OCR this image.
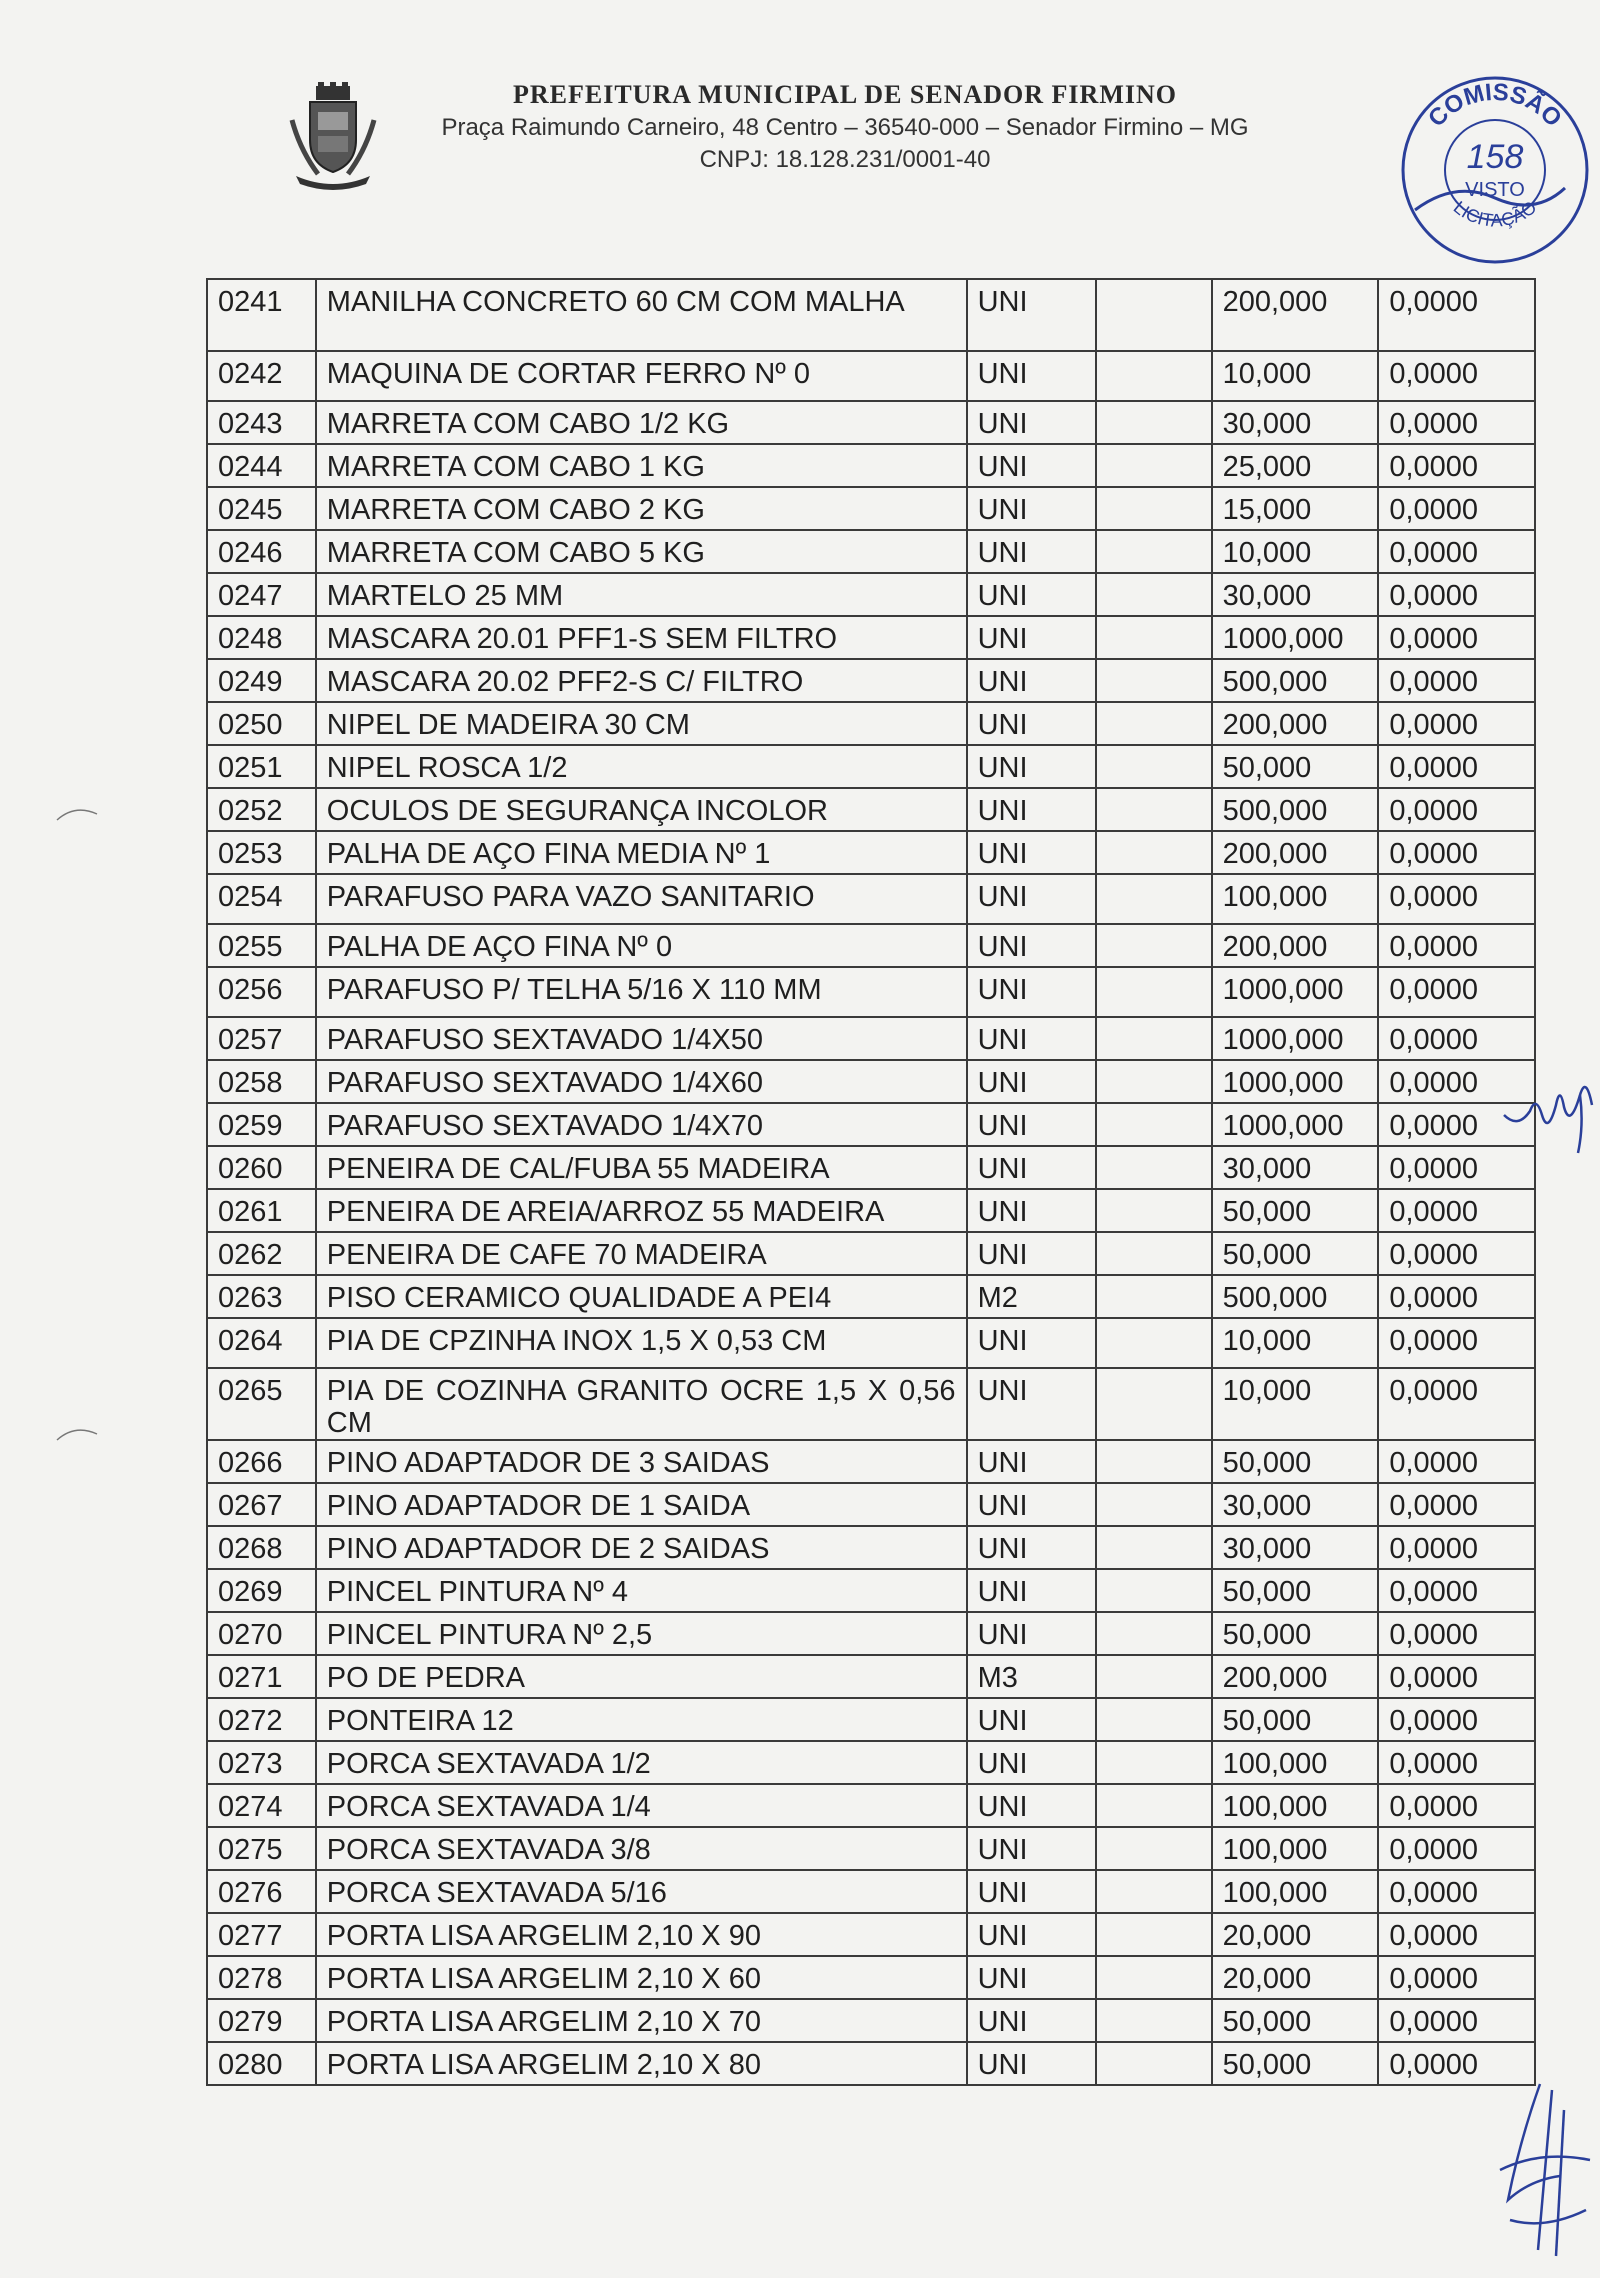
PREFEITURA MUNICIPAL DE SENADOR FIRMINO
Praça Raimundo Carneiro, 48 Centro – 36540-000 – Senador Firmino – MG
CNPJ: 18.128.231/0001-40
COMISSÃO
158
VISTO
LICITAÇÃO
0241	MANILHA CONCRETO 60 CM COM MALHA	UNI		200,000	0,0000
0242	MAQUINA DE CORTAR FERRO Nº 0	UNI		10,000	0,0000
0243	MARRETA COM CABO 1/2 KG	UNI		30,000	0,0000
0244	MARRETA COM CABO 1 KG	UNI		25,000	0,0000
0245	MARRETA COM CABO 2 KG	UNI		15,000	0,0000
0246	MARRETA COM CABO 5 KG	UNI		10,000	0,0000
0247	MARTELO 25 MM	UNI		30,000	0,0000
0248	MASCARA 20.01 PFF1-S SEM FILTRO	UNI		1000,000	0,0000
0249	MASCARA 20.02 PFF2-S C/ FILTRO	UNI		500,000	0,0000
0250	NIPEL DE MADEIRA 30 CM	UNI		200,000	0,0000
0251	NIPEL ROSCA 1/2	UNI		50,000	0,0000
0252	OCULOS DE SEGURANÇA INCOLOR	UNI		500,000	0,0000
0253	PALHA DE AÇO FINA MEDIA Nº 1	UNI		200,000	0,0000
0254	PARAFUSO PARA VAZO SANITARIO	UNI		100,000	0,0000
0255	PALHA DE AÇO FINA Nº 0	UNI		200,000	0,0000
0256	PARAFUSO P/ TELHA 5/16 X 110 MM	UNI		1000,000	0,0000
0257	PARAFUSO SEXTAVADO 1/4X50	UNI		1000,000	0,0000
0258	PARAFUSO SEXTAVADO 1/4X60	UNI		1000,000	0,0000
0259	PARAFUSO SEXTAVADO 1/4X70	UNI		1000,000	0,0000
0260	PENEIRA DE CAL/FUBA 55 MADEIRA	UNI		30,000	0,0000
0261	PENEIRA DE AREIA/ARROZ 55 MADEIRA	UNI		50,000	0,0000
0262	PENEIRA DE CAFE 70 MADEIRA	UNI		50,000	0,0000
0263	PISO CERAMICO QUALIDADE A PEI4	M2		500,000	0,0000
0264	PIA DE CPZINHA INOX 1,5 X 0,53 CM	UNI		10,000	0,0000
0265	PIA DE COZINHA GRANITO OCRE 1,5 X 0,56 CM	UNI		10,000	0,0000
0266	PINO ADAPTADOR DE 3 SAIDAS	UNI		50,000	0,0000
0267	PINO ADAPTADOR DE 1 SAIDA	UNI		30,000	0,0000
0268	PINO ADAPTADOR DE 2 SAIDAS	UNI		30,000	0,0000
0269	PINCEL PINTURA Nº 4	UNI		50,000	0,0000
0270	PINCEL PINTURA Nº 2,5	UNI		50,000	0,0000
0271	PO DE PEDRA	M3		200,000	0,0000
0272	PONTEIRA 12	UNI		50,000	0,0000
0273	PORCA SEXTAVADA 1/2	UNI		100,000	0,0000
0274	PORCA SEXTAVADA 1/4	UNI		100,000	0,0000
0275	PORCA SEXTAVADA 3/8	UNI		100,000	0,0000
0276	PORCA SEXTAVADA 5/16	UNI		100,000	0,0000
0277	PORTA LISA ARGELIM 2,10 X 90	UNI		20,000	0,0000
0278	PORTA LISA ARGELIM 2,10 X 60	UNI		20,000	0,0000
0279	PORTA LISA ARGELIM 2,10 X 70	UNI		50,000	0,0000
0280	PORTA LISA ARGELIM 2,10 X 80	UNI		50,000	0,0000
